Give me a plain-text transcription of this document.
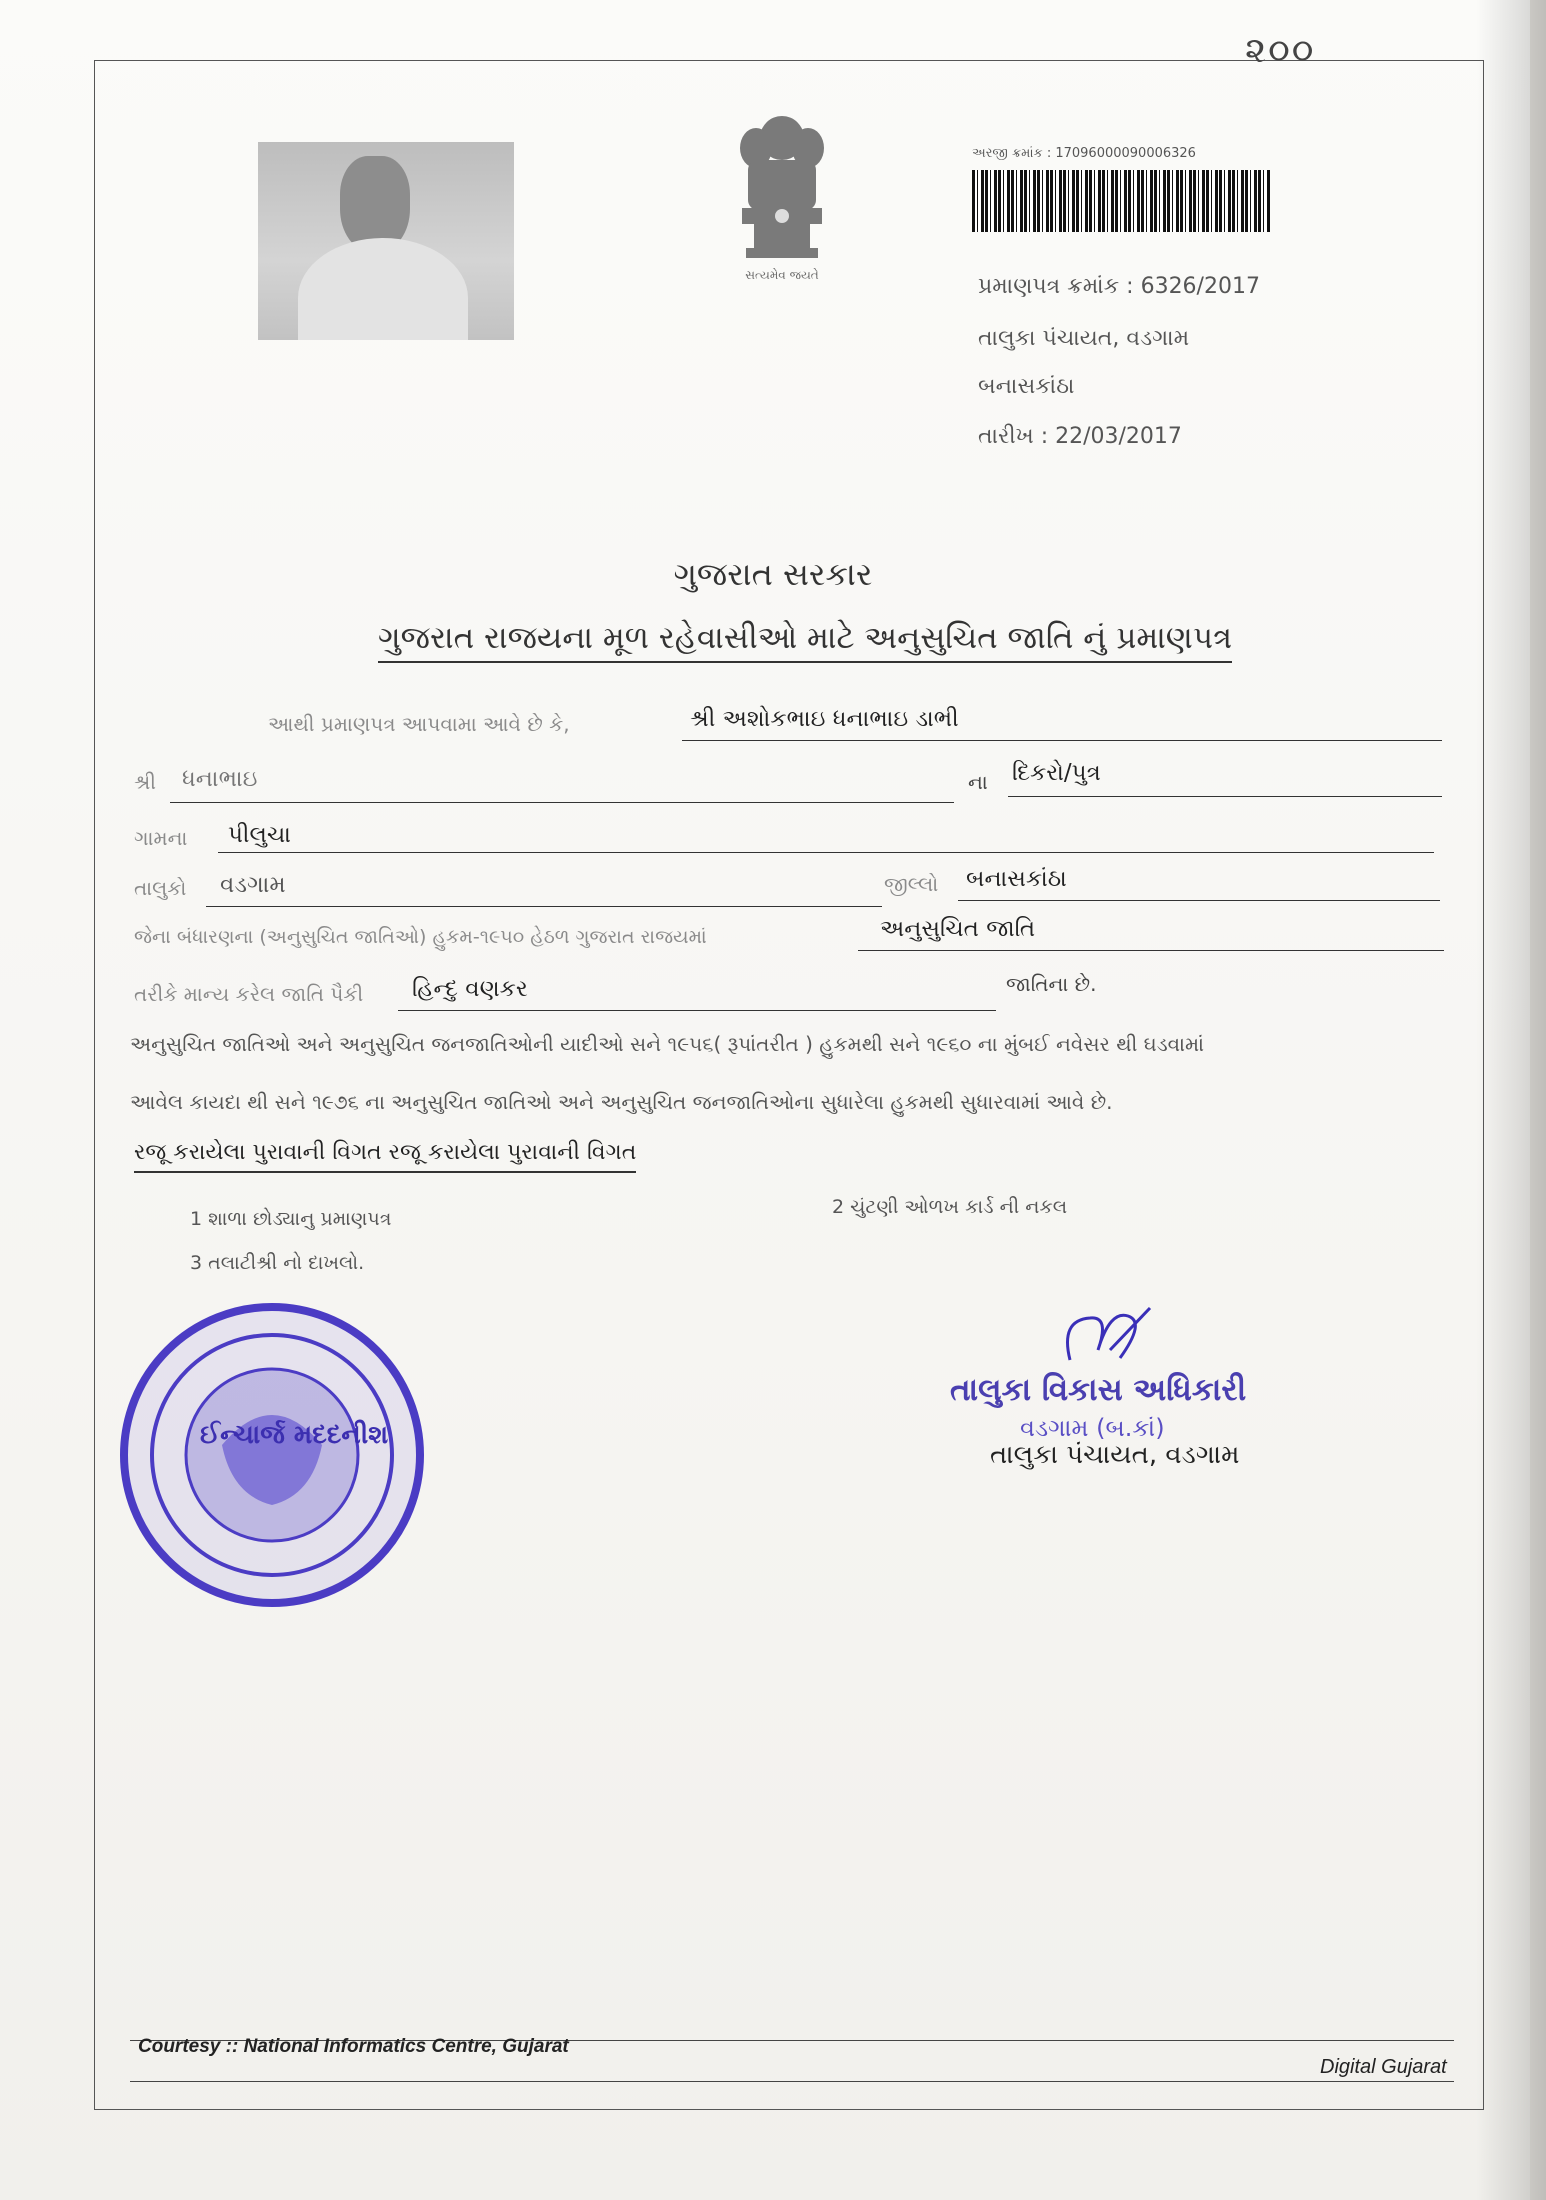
૨૦૦
સત્યમેવ જયતે
અરજી ક્રમાંક : 17096000090006326
પ્રમાણપત્ર ક્રમાંક : 6326/2017
તાલુકા પંચાયત, વડગામ
બનાસકાંઠા
તારીખ : 22/03/2017
ગુજરાત સરકાર
ગુજરાત રાજયના મૂળ રહેવાસીઓ માટે અનુસુચિત જાતિ નું પ્રમાણપત્ર
આથી પ્રમાણપત્ર આપવામા આવે છે કે,	શ્રી અશોકભાઇ ધનાભાઇ ડાભી
શ્રી ધનાભાઇ	ના દિકરો/પુત્ર
ગામના પીલુચા
તાલુકો વડગામ	જીલ્લો બનાસકાંઠા
જેના બંધારણના (અનુસુચિત જાતિઓ) હુકમ-૧૯૫૦ હેઠળ ગુજરાત રાજયમાં	અનુસુચિત જાતિ
તરીકે માન્ય કરેલ જાતિ પૈકી હિન્દુ વણકર	જાતિના છે.
અનુસુચિત જાતિઓ અને અનુસુચિત જનજાતિઓની યાદીઓ સને ૧૯૫૬( રૂપાંતરીત ) હુકમથી સને ૧૯૬૦ ના મુંબઈ નવેસર થી ઘડવામાં
આવેલ કાયદા થી સને ૧૯૭૬ ના અનુસુચિત જાતિઓ અને અનુસુચિત જનજાતિઓના સુધારેલા હુકમથી સુધારવામાં આવે છે.
રજૂ કરાયેલા પુરાવાની વિગત રજૂ કરાયેલા પુરાવાની વિગત
1 શાળા છોડ્યાનુ પ્રમાણપત્ર
2 ચુંટણી ઓળખ કાર્ડ ની નકલ
3 તલાટીશ્રી નો દાખલો.
ઈન્ચાર્જ મદદનીશ
તાલુકા વિકાસ અધિકારી
વડગામ (બ.કાં)
તાલુકા પંચાયત, વડગામ
Courtesy :: National Informatics Centre, Gujarat
Digital Gujarat
